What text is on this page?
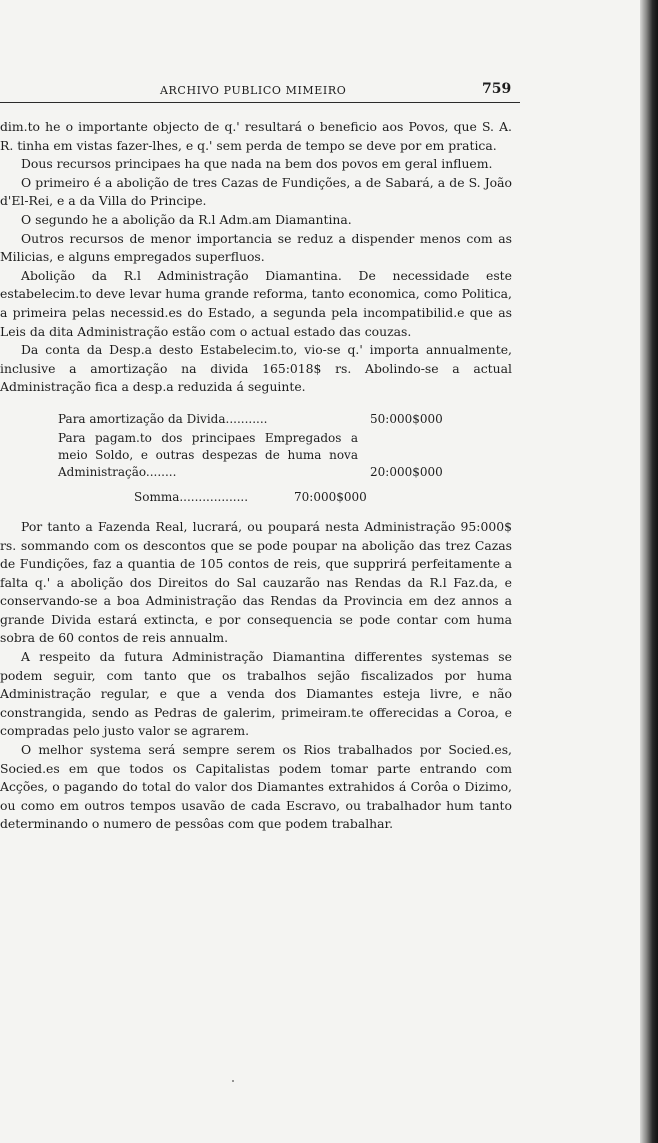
ARCHIVO PUBLICO MIMEIRO	759

dim.to he o importante objecto de q.' resultará o beneficio aos Povos, que S. A. R. tinha em vistas fazer-lhes, e q.' sem perda de tempo se deve por em pratica.

Dous recursos principaes ha que nada na bem dos povos em geral influem.

O primeiro é a abolição de tres Cazas de Fundições, a de Sabará, a de S. João d'El-Rei, e a da Villa do Principe.

O segundo he a abolição da R.l Adm.am Diamantina.

Outros recursos de menor importancia se reduz a dispender menos com as Milicias, e alguns empregados superfluos.

Abolição da R.l Administração Diamantina. De necessidade este estabelecim.to deve levar huma grande reforma, tanto economica, como Politica, a primeira pelas necessid.es do Estado, a segunda pela incompatibilid.e que as Leis da dita Administração estão com o actual estado das couzas.

Da conta da Desp.a desto Estabelecim.to, vio-se q.' importa annualmente, inclusive a amortização na divida 165:018$ rs. Abolindo-se a actual Administração fica a desp.a reduzida á seguinte.

Para amortização da Divida...........	50:000$000
Para pagam.to dos principaes Empregados a meio Soldo, e outras despezas de huma nova Administração........	20:000$000
Somma..................	70:000$000

Por tanto a Fazenda Real, lucrará, ou poupará nesta Administração 95:000$ rs. sommando com os descontos que se pode poupar na abolição das trez Cazas de Fundições, faz a quantia de 105 contos de reis, que supprirá perfeitamente a falta q.' a abolição dos Direitos do Sal cauzarão nas Rendas da R.l Faz.da, e conservando-se a boa Administração das Rendas da Provincia em dez annos a grande Divida estará extincta, e por consequencia se pode contar com huma sobra de 60 contos de reis annualm.

A respeito da futura Administração Diamantina differentes systemas se podem seguir, com tanto que os trabalhos sejão fiscalizados por huma Administração regular, e que a venda dos Diamantes esteja livre, e não constrangida, sendo as Pedras de galerim, primeiram.te offerecidas a Coroa, e compradas pelo justo valor se agrarem.

O melhor systema será sempre serem os Rios trabalhados por Socied.es, Socied.es em que todos os Capitalistas podem tomar parte entrando com Acções, o pagando do total do valor dos Diamantes extrahidos á Corôa o Dizimo, ou como em outros tempos usavão de cada Escravo, ou trabalhador hum tanto determinando o numero de pessôas com que podem trabalhar.
